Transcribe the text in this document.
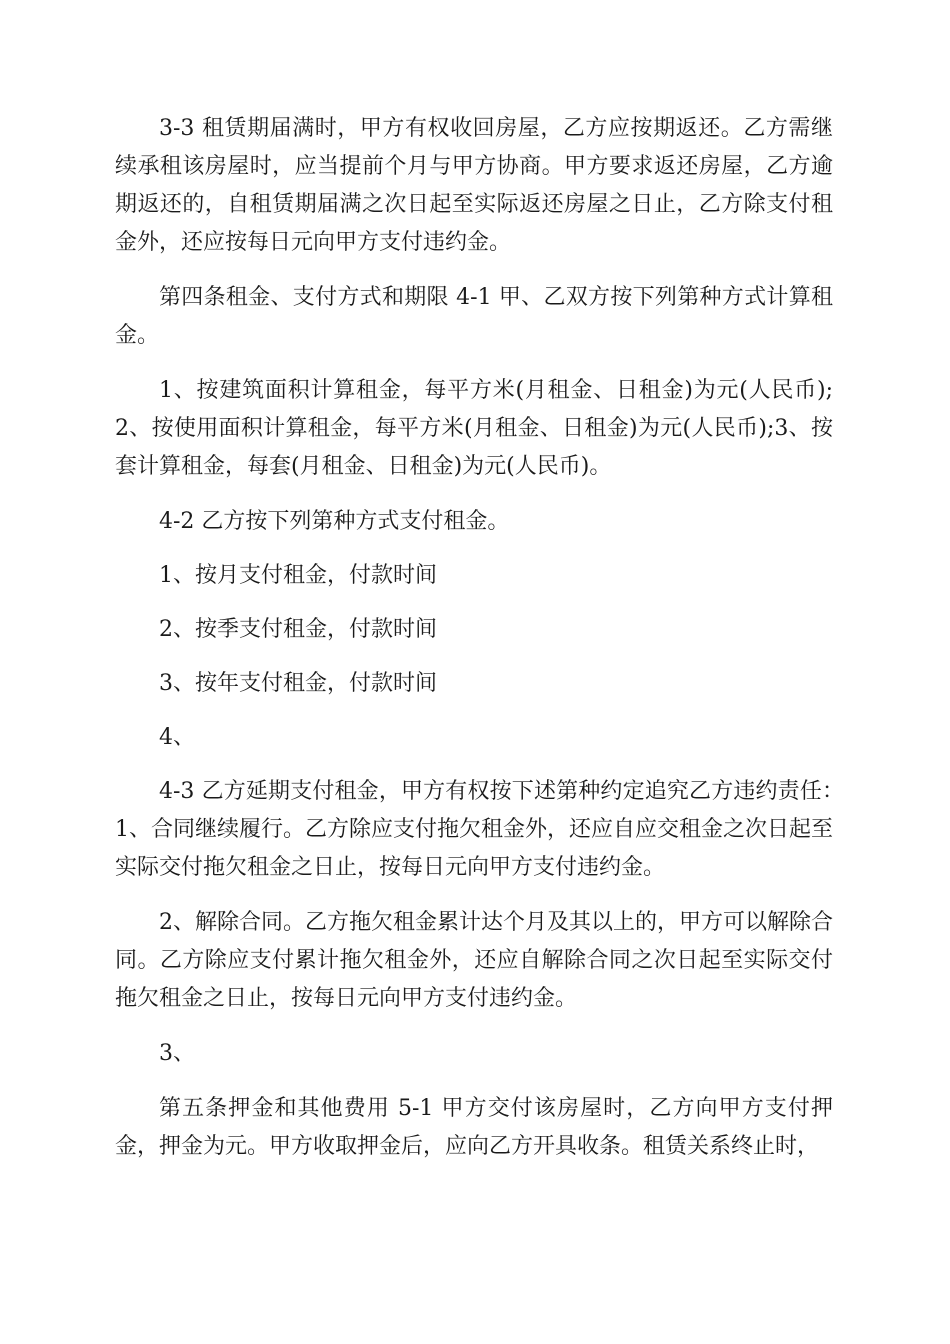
3-3 租赁期届满时，甲方有权收回房屋，乙方应按期返还。乙方需继续承租该房屋时，应当提前个月与甲方协商。甲方要求返还房屋，乙方逾期返还的，自租赁期届满之次日起至实际返还房屋之日止，乙方除支付租金外，还应按每日元向甲方支付违约金。

第四条租金、支付方式和期限 4-1 甲、乙双方按下列第种方式计算租金。

1、按建筑面积计算租金，每平方米(月租金、日租金)为元(人民币);2、按使用面积计算租金，每平方米(月租金、日租金)为元(人民币);3、按套计算租金，每套(月租金、日租金)为元(人民币)。

4-2 乙方按下列第种方式支付租金。

1、按月支付租金，付款时间

2、按季支付租金，付款时间

3、按年支付租金，付款时间

4、

4-3 乙方延期支付租金，甲方有权按下述第种约定追究乙方违约责任：　1、合同继续履行。乙方除应支付拖欠租金外，还应自应交租金之次日起至实际交付拖欠租金之日止，按每日元向甲方支付违约金。

2、解除合同。乙方拖欠租金累计达个月及其以上的，甲方可以解除合同。乙方除应支付累计拖欠租金外，还应自解除合同之次日起至实际交付拖欠租金之日止，按每日元向甲方支付违约金。

3、

第五条押金和其他费用 5-1 甲方交付该房屋时，乙方向甲方支付押金，押金为元。甲方收取押金后，应向乙方开具收条。租赁关系终止时，
